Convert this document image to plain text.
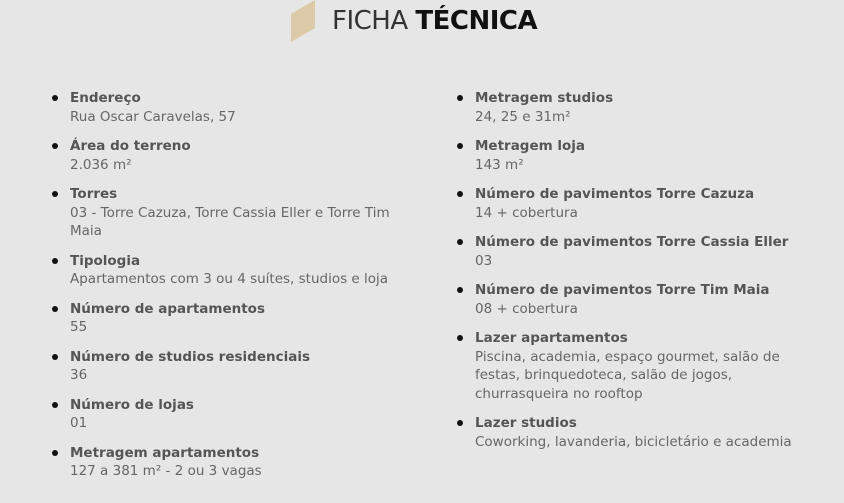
FICHA TÉCNICA
Endereço
Rua Oscar Caravelas, 57
Área do terreno
2.036 m²
Torres
03 - Torre Cazuza, Torre Cassia Eller e Torre Tim Maia
Tipologia
Apartamentos com 3 ou 4 suítes, studios e loja
Número de apartamentos
55
Número de studios residenciais
36
Número de lojas
01
Metragem apartamentos
127 a 381 m² - 2 ou 3 vagas
Metragem studios
24, 25 e 31m²
Metragem loja
143 m²
Número de pavimentos Torre Cazuza
14 + cobertura
Número de pavimentos Torre Cassia Eller
03
Número de pavimentos Torre Tim Maia
08 + cobertura
Lazer apartamentos
Piscina, academia, espaço gourmet, salão de festas, brinquedoteca, salão de jogos, churrasqueira no rooftop
Lazer studios
Coworking, lavanderia, bicicletário e academia
